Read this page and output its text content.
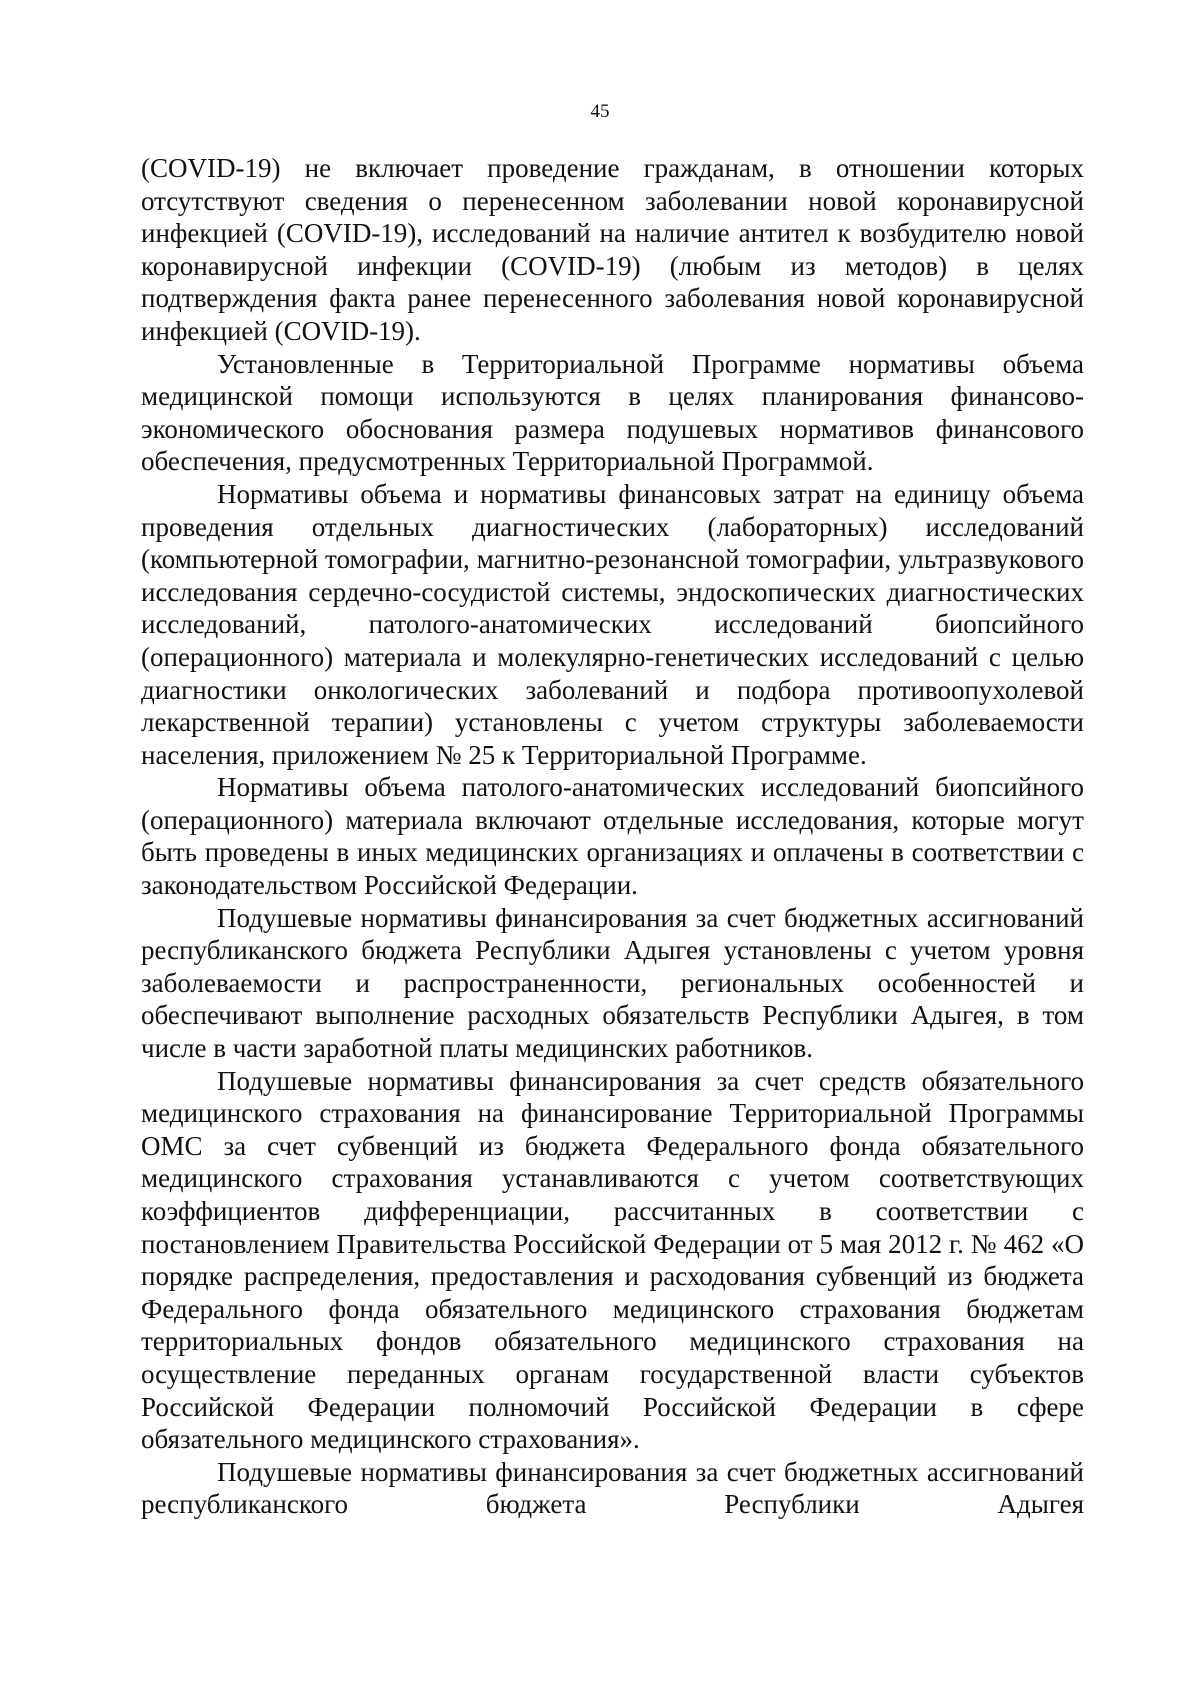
45

(COVID-19) не включает проведение гражданам, в отношении которых отсутствуют сведения о перенесенном заболевании новой коронавирусной инфекцией (COVID-19), исследований на наличие антител к возбудителю новой коронавирусной инфекции (COVID-19) (любым из методов) в целях подтверждения факта ранее перенесенного заболевания новой коронавирусной инфекцией (COVID-19).

Установленные в Территориальной Программе нормативы объема медицинской помощи используются в целях планирования финансово-экономического обоснования размера подушевых нормативов финансового обеспечения, предусмотренных Территориальной Программой.

Нормативы объема и нормативы финансовых затрат на единицу объема проведения отдельных диагностических (лабораторных) исследований (компьютерной томографии, магнитно-резонансной томографии, ультразвукового исследования сердечно-сосудистой системы, эндоскопических диагностических исследований, патолого-анатомических исследований биопсийного (операционного) материала и молекулярно-генетических исследований с целью диагностики онкологических заболеваний и подбора противоопухолевой лекарственной терапии) установлены с учетом структуры заболеваемости населения, приложением № 25 к Территориальной Программе.

Нормативы объема патолого-анатомических исследований биопсийного (операционного) материала включают отдельные исследования, которые могут быть проведены в иных медицинских организациях и оплачены в соответствии с законодательством Российской Федерации.

Подушевые нормативы финансирования за счет бюджетных ассигнований республиканского бюджета Республики Адыгея установлены с учетом уровня заболеваемости и распространенности, региональных особенностей и обеспечивают выполнение расходных обязательств Республики Адыгея, в том числе в части заработной платы медицинских работников.

Подушевые нормативы финансирования за счет средств обязательного медицинского страхования на финансирование Территориальной Программы ОМС за счет субвенций из бюджета Федерального фонда обязательного медицинского страхования устанавливаются с учетом соответствующих коэффициентов дифференциации, рассчитанных в соответствии с постановлением Правительства Российской Федерации от 5 мая 2012 г. № 462 «О порядке распределения, предоставления и расходования субвенций из бюджета Федерального фонда обязательного медицинского страхования бюджетам территориальных фондов обязательного медицинского страхования на осуществление переданных органам государственной власти субъектов Российской Федерации полномочий Российской Федерации в сфере обязательного медицинского страхования».

Подушевые нормативы финансирования за счет бюджетных ассигнований республиканского бюджета Республики Адыгея
